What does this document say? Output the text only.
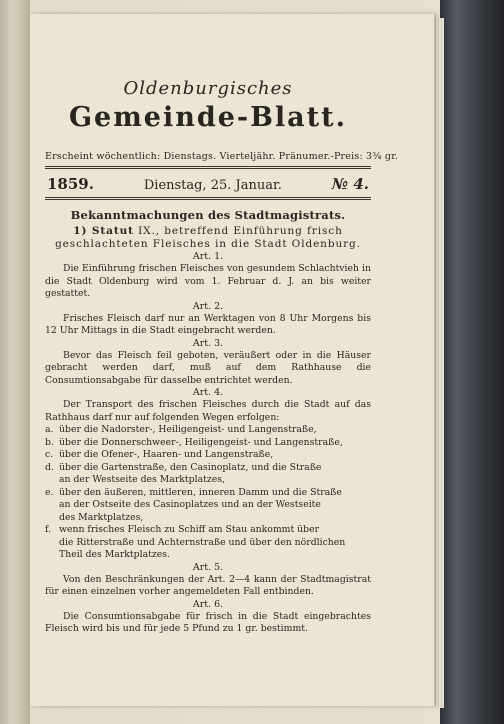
Oldenburgisches
Gemeinde-Blatt.
Erscheint wöchentlich: Dienstags. Vierteljähr. Pränumer.-Preis: 3¾ gr.
1859.	Dienstag, 25. Januar.	№ 4.
Bekanntmachungen des Stadtmagistrats.
1) Statut IX., betreffend Einführung frisch
geschlachteten Fleisches in die Stadt Oldenburg.
Art. 1.
Die Einführung frischen Fleisches von gesundem Schlachtvieh in die Stadt Oldenburg wird vom 1. Februar d. J. an bis weiter gestattet.
Art. 2.
Frisches Fleisch darf nur an Werktagen von 8 Uhr Morgens bis 12 Uhr Mittags in die Stadt eingebracht werden.
Art. 3.
Bevor das Fleisch feil geboten, veräußert oder in die Häuser gebracht werden darf, muß auf dem Rathhause die Consumtionsabgabe für dasselbe entrichtet werden.
Art. 4.
Der Transport des frischen Fleisches durch die Stadt auf das Rathhaus darf nur auf folgenden Wegen erfolgen:
a. über die Nadorster-, Heiligengeist- und Langenstraße,
b. über die Donnerschweer-, Heiligengeist- und Langenstraße,
c. über die Ofener-, Haaren- und Langenstraße,
d. über die Gartenstraße, den Casinoplatz, und die Straße
an der Westseite des Marktplatzes,
e. über den äußeren, mittleren, inneren Damm und die Straße
an der Ostseite des Casinoplatzes und an der Westseite
des Marktplatzes,
f. wenn frisches Fleisch zu Schiff am Stau ankommt über
die Ritterstraße und Achternstraße und über den nördlichen
Theil des Marktplatzes.
Art. 5.
Von den Beschränkungen der Art. 2—4 kann der Stadtmagistrat für einen einzelnen vorher angemeldeten Fall entbinden.
Art. 6.
Die Consumtionsabgabe für frisch in die Stadt eingebrachtes Fleisch wird bis und für jede 5 Pfund zu 1 gr. bestimmt.
